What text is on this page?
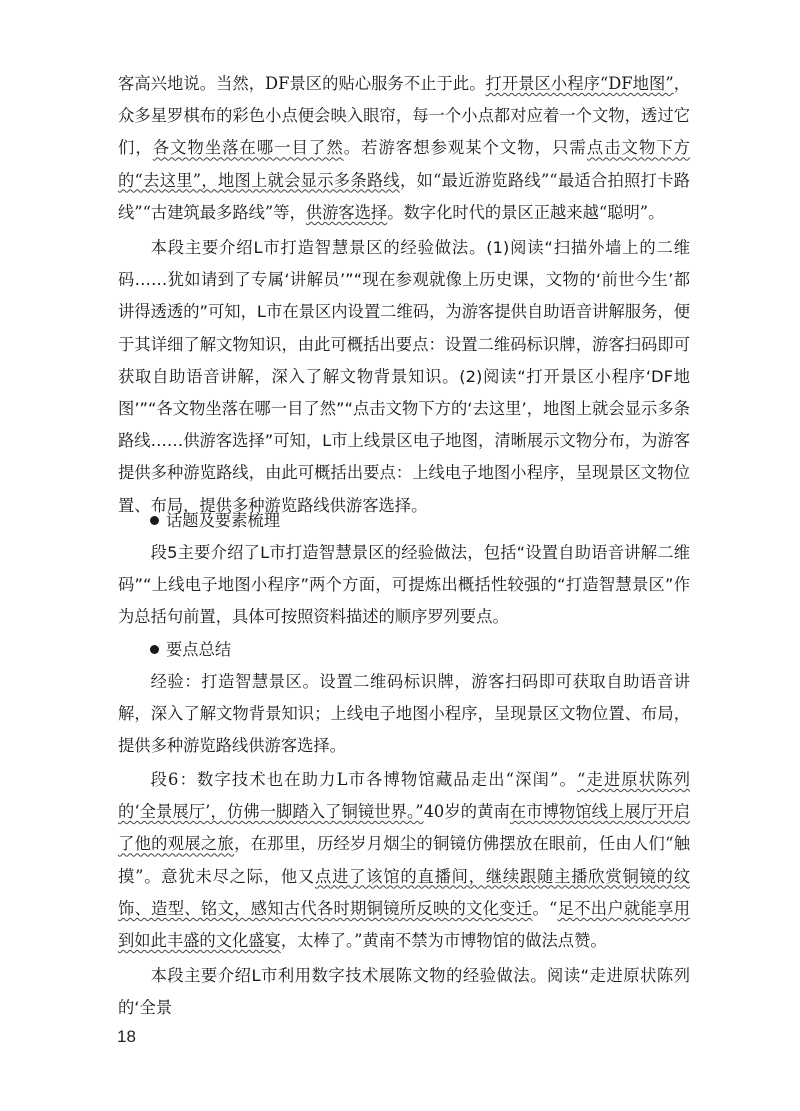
客高兴地说。当然，DF景区的贴心服务不止于此。打开景区小程序“DF地图”，众多星罗棋布的彩色小点便会映入眼帘，每一个小点都对应着一个文物，透过它们，各文物坐落在哪一目了然。若游客想参观某个文物，只需点击文物下方的“去这里”，地图上就会显示多条路线，如“最近游览路线”“最适合拍照打卡路线”“古建筑最多路线”等，供游客选择。数字化时代的景区正越来越“聪明”。

本段主要介绍L市打造智慧景区的经验做法。(1)阅读“扫描外墙上的二维码……犹如请到了专属‘讲解员’”“现在参观就像上历史课，文物的‘前世今生’都讲得透透的”可知，L市在景区内设置二维码，为游客提供自助语音讲解服务，便于其详细了解文物知识，由此可概括出要点：设置二维码标识牌，游客扫码即可获取自助语音讲解，深入了解文物背景知识。(2)阅读“打开景区小程序‘DF地图’”“各文物坐落在哪一目了然”“点击文物下方的‘去这里’，地图上就会显示多条路线……供游客选择”可知，L市上线景区电子地图，清晰展示文物分布，为游客提供多种游览路线，由此可概括出要点：上线电子地图小程序，呈现景区文物位置、布局，提供多种游览路线供游客选择。

话题及要素梳理

段5主要介绍了L市打造智慧景区的经验做法，包括“设置自助语音讲解二维码”“上线电子地图小程序”两个方面，可提炼出概括性较强的“打造智慧景区”作为总括句前置，具体可按照资料描述的顺序罗列要点。

要点总结

经验：打造智慧景区。设置二维码标识牌，游客扫码即可获取自助语音讲解，深入了解文物背景知识；上线电子地图小程序，呈现景区文物位置、布局，提供多种游览路线供游客选择。

段6：数字技术也在助力L市各博物馆藏品走出“深闺”。“走进原状陈列的‘全景展厅’，仿佛一脚踏入了铜镜世界。”40岁的黄南在市博物馆线上展厅开启了他的观展之旅，在那里，历经岁月烟尘的铜镜仿佛摆放在眼前，任由人们“触摸”。意犹未尽之际，他又点进了该馆的直播间，继续跟随主播欣赏铜镜的纹饰、造型、铭文，感知古代各时期铜镜所反映的文化变迁。“足不出户就能享用到如此丰盛的文化盛宴，太棒了。”黄南不禁为市博物馆的做法点赞。

本段主要介绍L市利用数字技术展陈文物的经验做法。阅读“走进原状陈列的‘全景

18
